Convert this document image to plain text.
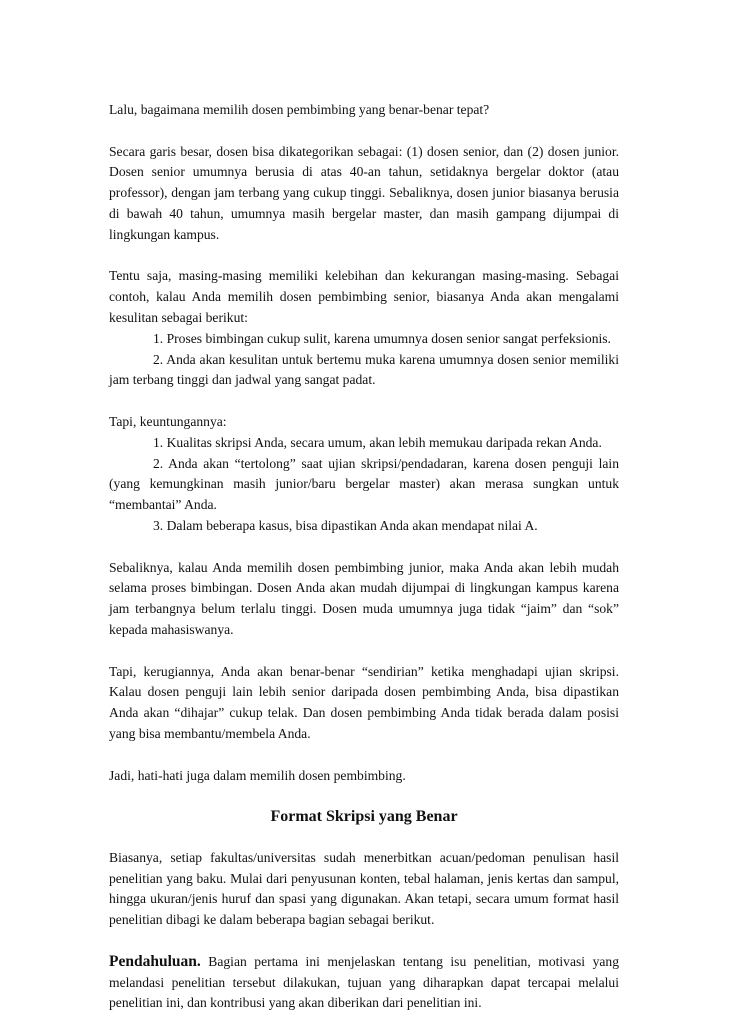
Lalu, bagaimana memilih dosen pembimbing yang benar-benar tepat?

Secara garis besar, dosen bisa dikategorikan sebagai: (1) dosen senior, dan (2) dosen junior. Dosen senior umumnya berusia di atas 40-an tahun, setidaknya bergelar doktor (atau professor), dengan jam terbang yang cukup tinggi. Sebaliknya, dosen junior biasanya berusia di bawah 40 tahun, umumnya masih bergelar master, dan masih gampang dijumpai di lingkungan kampus.

Tentu saja, masing-masing memiliki kelebihan dan kekurangan masing-masing. Sebagai contoh, kalau Anda memilih dosen pembimbing senior, biasanya Anda akan mengalami kesulitan sebagai berikut:

1. Proses bimbingan cukup sulit, karena umumnya dosen senior sangat perfeksionis.

2. Anda akan kesulitan untuk bertemu muka karena umumnya dosen senior memiliki jam terbang tinggi dan jadwal yang sangat padat.

Tapi, keuntungannya:

1. Kualitas skripsi Anda, secara umum, akan lebih memukau daripada rekan Anda.

2. Anda akan “tertolong” saat ujian skripsi/pendadaran, karena dosen penguji lain (yang kemungkinan masih junior/baru bergelar master) akan merasa sungkan untuk “membantai” Anda.

3. Dalam beberapa kasus, bisa dipastikan Anda akan mendapat nilai A.

Sebaliknya, kalau Anda memilih dosen pembimbing junior, maka Anda akan lebih mudah selama proses bimbingan. Dosen Anda akan mudah dijumpai di lingkungan kampus karena jam terbangnya belum terlalu tinggi. Dosen muda umumnya juga tidak “jaim” dan “sok” kepada mahasiswanya.

Tapi, kerugiannya, Anda akan benar-benar “sendirian” ketika menghadapi ujian skripsi. Kalau dosen penguji lain lebih senior daripada dosen pembimbing Anda, bisa dipastikan Anda akan “dihajar” cukup telak. Dan dosen pembimbing Anda tidak berada dalam posisi yang bisa membantu/membela Anda.

Jadi, hati-hati juga dalam memilih dosen pembimbing.

Format Skripsi yang Benar

Biasanya, setiap fakultas/universitas sudah menerbitkan acuan/pedoman penulisan hasil penelitian yang baku. Mulai dari penyusunan konten, tebal halaman, jenis kertas dan sampul, hingga ukuran/jenis huruf dan spasi yang digunakan. Akan tetapi, secara umum format hasil penelitian dibagi ke dalam beberapa bagian sebagai berikut.

Pendahuluan. Bagian pertama ini menjelaskan tentang isu penelitian, motivasi yang melandasi penelitian tersebut dilakukan, tujuan yang diharapkan dapat tercapai melalui penelitian ini, dan kontribusi yang akan diberikan dari penelitian ini.
